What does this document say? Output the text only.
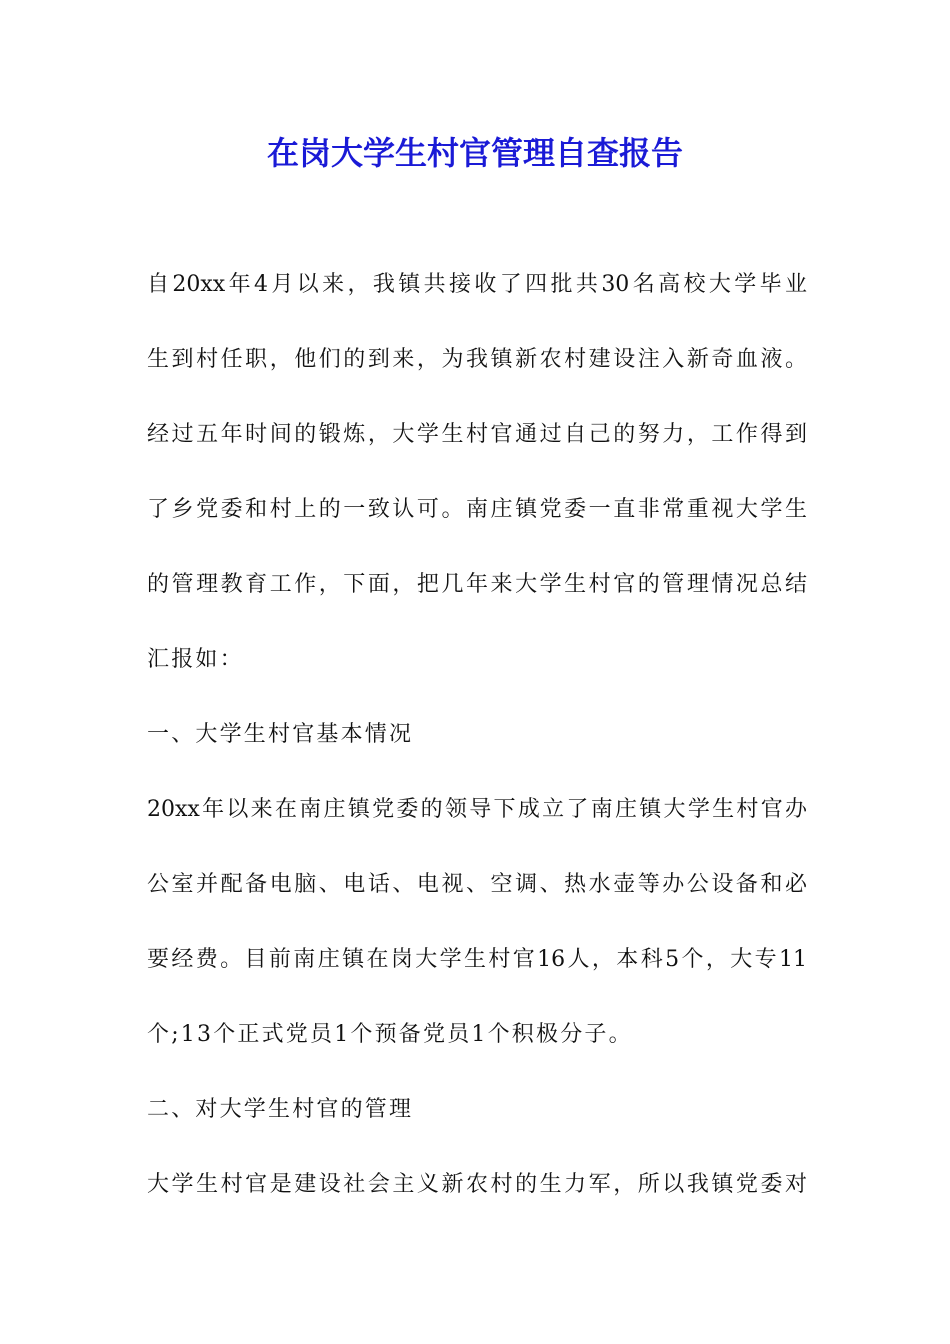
在岗大学生村官管理自查报告

自20xx年4月以来，我镇共接收了四批共30名高校大学毕业

生到村任职，他们的到来，为我镇新农村建设注入新奇血液。

经过五年时间的锻炼，大学生村官通过自己的努力，工作得到

了乡党委和村上的一致认可。南庄镇党委一直非常重视大学生

的管理教育工作，下面，把几年来大学生村官的管理情况总结

汇报如：

一、大学生村官基本情况

20xx年以来在南庄镇党委的领导下成立了南庄镇大学生村官办

公室并配备电脑、电话、电视、空调、热水壶等办公设备和必

要经费。目前南庄镇在岗大学生村官16人，本科5个，大专11

个;13个正式党员1个预备党员1个积极分子。

二、对大学生村官的管理

大学生村官是建设社会主义新农村的生力军，所以我镇党委对
